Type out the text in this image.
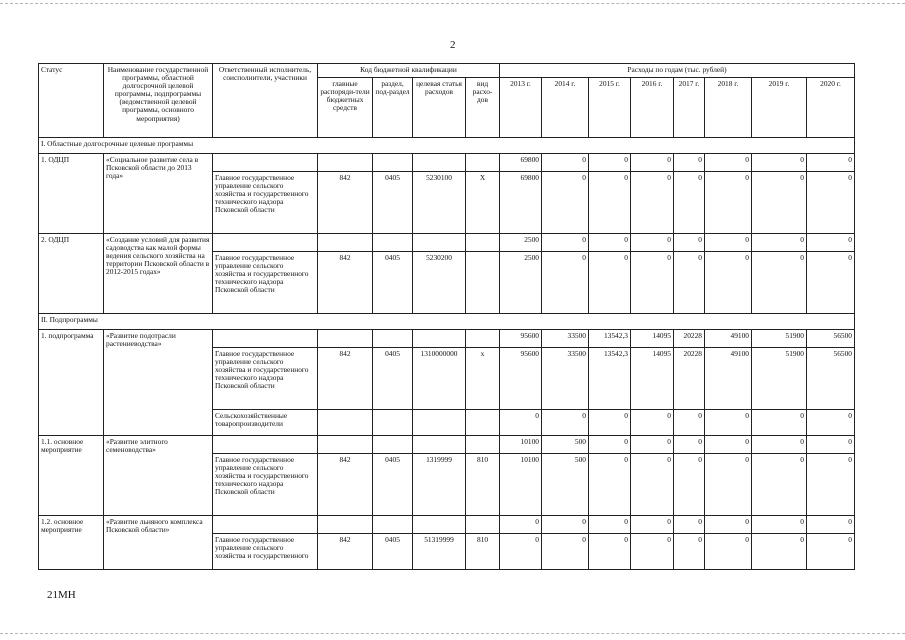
2
Статус	Наименование государственной программы, областной долгосрочной целевой программы, подпрограммы (ведомственной целевой программы, основного мероприятия)	Ответственный исполнитель, соисполнители, участники	Код бюджетной квалификации				Расходы по годам (тыс. рублей)							
			главные распоряди-тели бюджетных средств	раздел, под-раздел	целевая статья расходов	вид расхо-дов	2013 г.	2014 г.	2015 г.	2016 г.	2017 г.	2018 г.	2019 г.	2020 г.
I. Областные долгосрочные целевые программы														
1. ОДЦП	«Социальное развитие села в Псковской области до 2013 года»						69800	0	0	0	0	0	0	0
		Главное государственное управление сельского хозяйства и государственного технического надзора Псковской области	842	0405	5230100	Х	69800	0	0	0	0	0	0	0
2. ОДЦП	«Создание условий для развития садоводства как малой формы ведения сельского хозяйства на территории Псковской области в 2012-2015 годах»						2500	0	0	0	0	0	0	0
		Главное государственное управление сельского хозяйства и государственного технического надзора Псковской области	842	0405	5230200		2500	0	0	0	0	0	0	0
II. Подпрограммы														
1. подпрограмма	«Развитие подотрасли растениеводства»						95600	33500	13542,3	14095	20228	49100	51900	56500
		Главное государственное управление сельского хозяйства и государственного технического надзора Псковской области	842	0405	1310000000	х	95600	33500	13542,3	14095	20228	49100	51900	56500
		Сельскохозяйственные товаропроизводители					0	0	0	0	0	0	0	0
1.1. основное мероприятие	«Развитие элитного семеноводства»						10100	500	0	0	0	0	0	0
		Главное государственное управление сельского хозяйства и государственного технического надзора Псковской области	842	0405	1319999	810	10100	500	0	0	0	0	0	0
1.2. основное мероприятие	«Развитие льняного комплекса Псковской области»						0	0	0	0	0	0	0	0
		Главное государственное управление сельского хозяйства и государственного	842	0405	51319999	810	0	0	0	0	0	0	0	0
21МН
